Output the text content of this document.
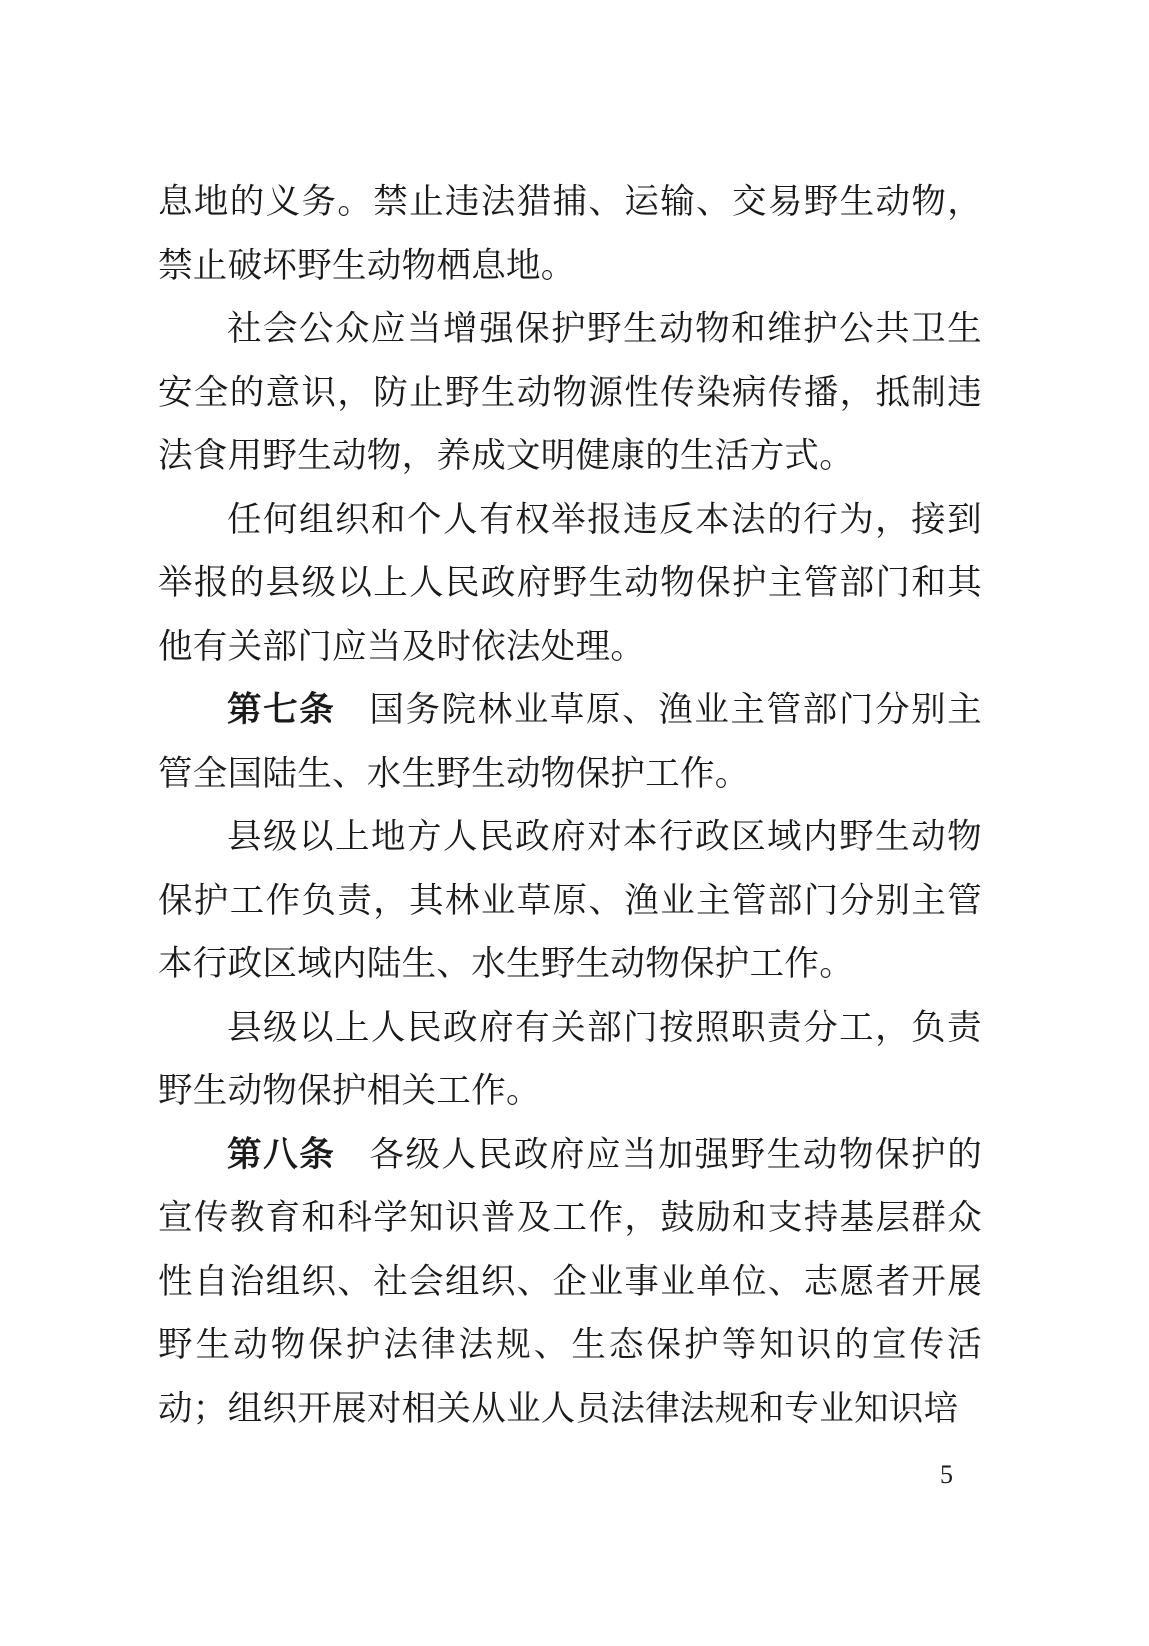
息地的义务。禁止违法猎捕、运输、交易野生动物，禁止破坏野生动物栖息地。

社会公众应当增强保护野生动物和维护公共卫生安全的意识，防止野生动物源性传染病传播，抵制违法食用野生动物，养成文明健康的生活方式。

任何组织和个人有权举报违反本法的行为，接到举报的县级以上人民政府野生动物保护主管部门和其他有关部门应当及时依法处理。

第七条 国务院林业草原、渔业主管部门分别主管全国陆生、水生野生动物保护工作。

县级以上地方人民政府对本行政区域内野生动物保护工作负责，其林业草原、渔业主管部门分别主管本行政区域内陆生、水生野生动物保护工作。

县级以上人民政府有关部门按照职责分工，负责野生动物保护相关工作。

第八条 各级人民政府应当加强野生动物保护的宣传教育和科学知识普及工作，鼓励和支持基层群众性自治组织、社会组织、企业事业单位、志愿者开展野生动物保护法律法规、生态保护等知识的宣传活动；组织开展对相关从业人员法律法规和专业知识培

5
